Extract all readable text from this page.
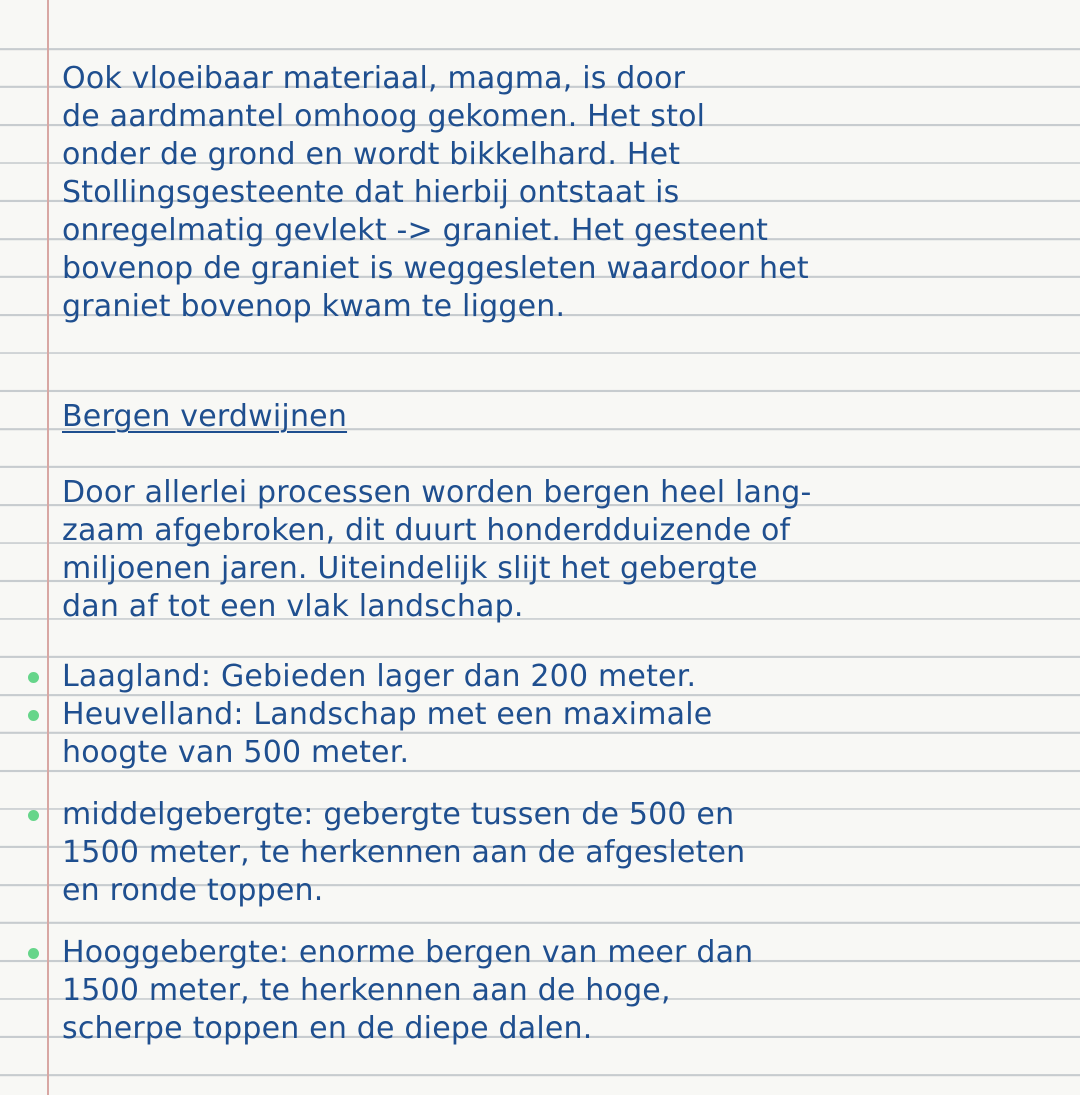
Ook vloeibaar materiaal, magma, is door
de aardmantel omhoog gekomen. Het stol
onder de grond en wordt bikkelhard. Het
Stollingsgesteente dat hierbij ontstaat is
onregelmatig gevlekt -> graniet. Het gesteent
bovenop de graniet is weggesleten waardoor het
graniet bovenop kwam te liggen.
Bergen verdwijnen
Door allerlei processen worden bergen heel lang-
zaam afgebroken, dit duurt honderdduizende of
miljoenen jaren. Uiteindelijk slijt het gebergte
dan af tot een vlak landschap.
Laagland: Gebieden lager dan 200 meter.
Heuvelland: Landschap met een maximale
hoogte van 500 meter.
middelgebergte: gebergte tussen de 500 en
1500 meter, te herkennen aan de afgesleten
en ronde toppen.
Hooggebergte: enorme bergen van meer dan
1500 meter, te herkennen aan de hoge,
scherpe toppen en de diepe dalen.
